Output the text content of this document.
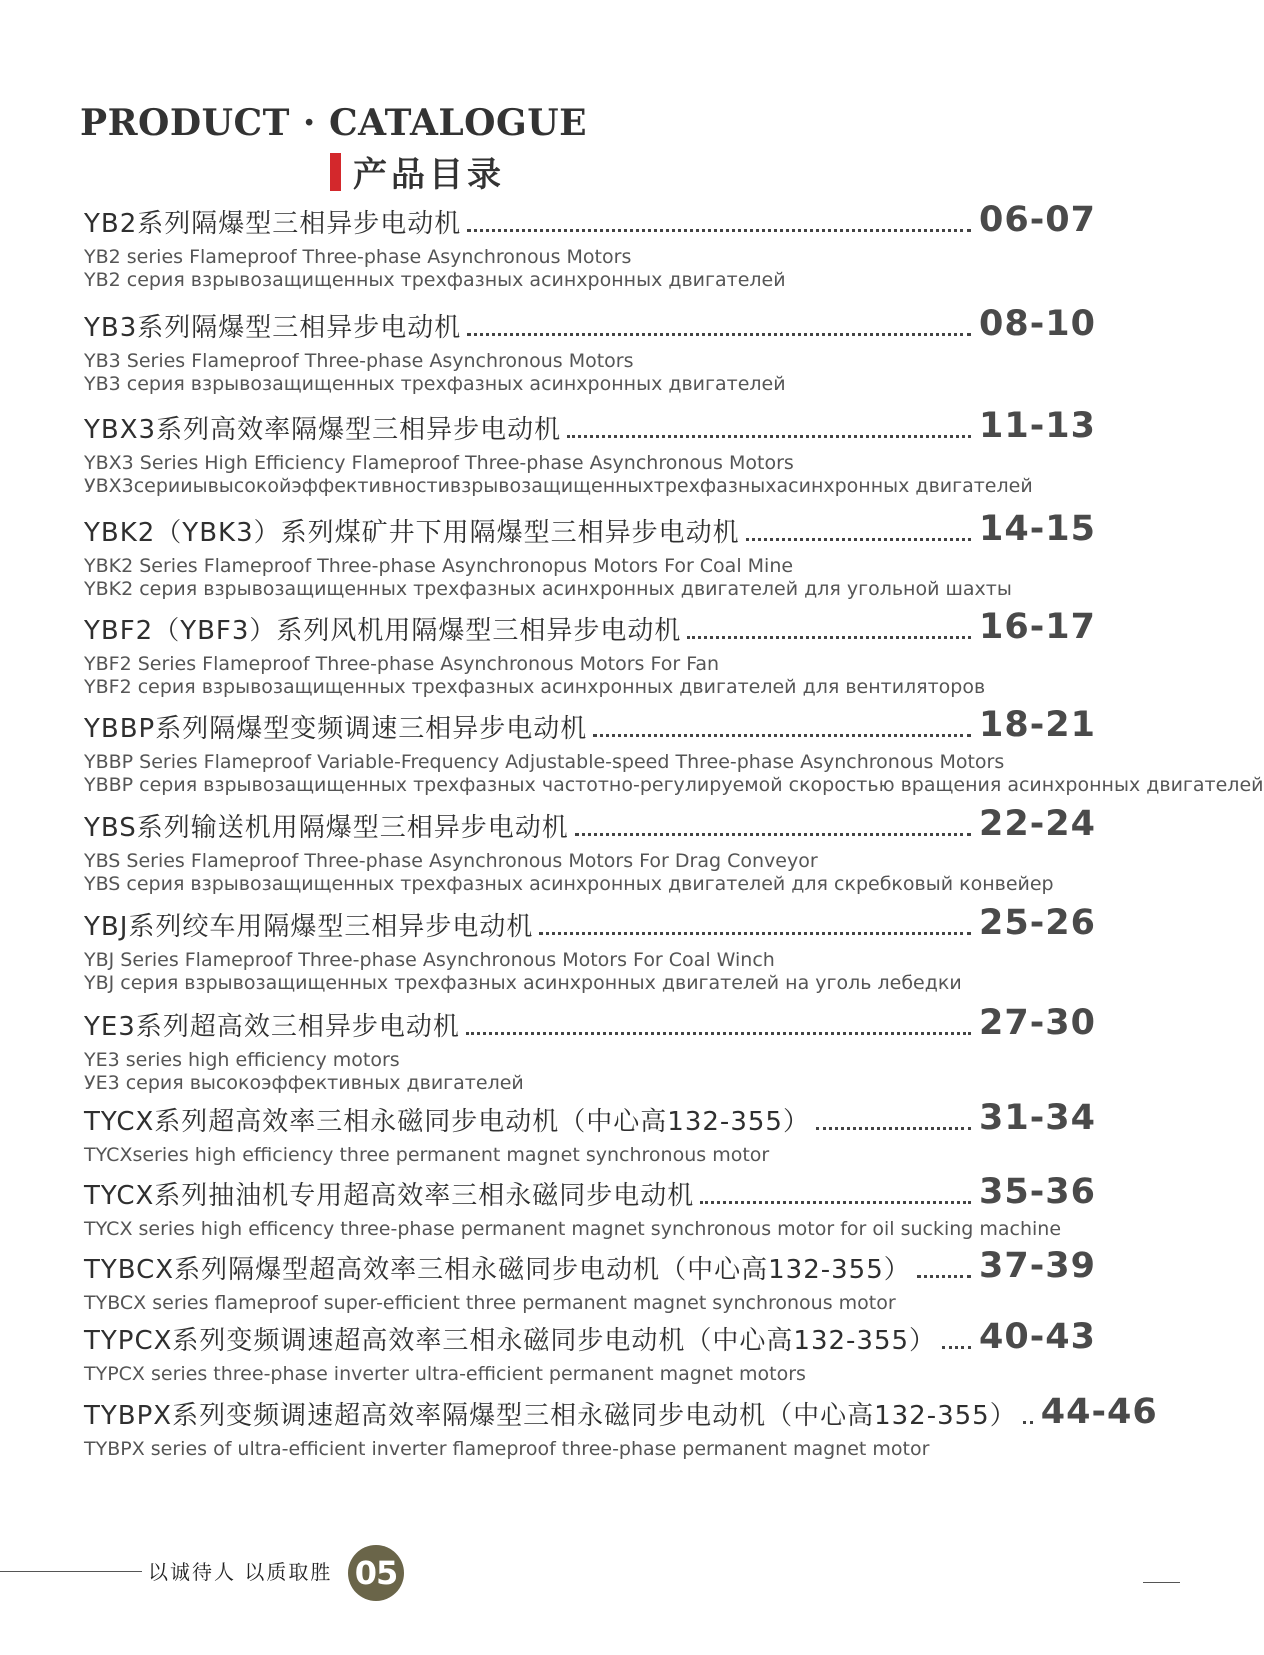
PRODUCT · CATALOGUE
产品目录
YB2系列隔爆型三相异步电动机	06-07
YB2 series Flameproof Three-phase Asynchronous Motors
YB2 серия взрывозащищенных трехфазных асинхронных двигателей
YB3系列隔爆型三相异步电动机	08-10
YB3 Series Flameproof Three-phase Asynchronous Motors
YB3 серия взрывозащищенных трехфазных асинхронных двигателей
YBX3系列高效率隔爆型三相异步电动机	11-13
YBX3 Series High Efficiency Flameproof Three-phase Asynchronous Motors
УВХ3серииывысокойэффективностивзрывозащищенныхтрехфазныхасинхронных двигателей
YBK2（YBK3）系列煤矿井下用隔爆型三相异步电动机	14-15
YBK2 Series Flameproof Three-phase Asynchronopus Motors For Coal Mine
YBK2 серия взрывозащищенных трехфазных асинхронных двигателей для угольной шахты
YBF2（YBF3）系列风机用隔爆型三相异步电动机	16-17
YBF2 Series Flameproof Three-phase Asynchronous Motors For Fan
YBF2 серия взрывозащищенных трехфазных асинхронных двигателей для вентиляторов
YBBP系列隔爆型变频调速三相异步电动机	18-21
YBBP Series Flameproof Variable-Frequency Adjustable-speed Three-phase Asynchronous Motors
YBBP серия взрывозащищенных трехфазных частотно-регулируемой скоростью вращения асинхронных двигателей
YBS系列输送机用隔爆型三相异步电动机	22-24
YBS Series Flameproof Three-phase Asynchronous Motors For Drag Conveyor
YBS серия взрывозащищенных трехфазных асинхронных двигателей для скребковый конвейер
YBJ系列绞车用隔爆型三相异步电动机	25-26
YBJ Series Flameproof Three-phase Asynchronous Motors For Coal Winch
YBJ серия взрывозащищенных трехфазных асинхронных двигателей на уголь лебедки
YE3系列超高效三相异步电动机	27-30
YE3 series high efficiency motors
УЕ3 серия высокоэффективных двигателей
TYCX系列超高效率三相永磁同步电动机（中心高132-355）	31-34
TYCXseries high efficiency three permanent magnet synchronous motor
TYCX系列抽油机专用超高效率三相永磁同步电动机	35-36
TYCX series high efficency three-phase permanent magnet synchronous motor for oil sucking machine
TYBCX系列隔爆型超高效率三相永磁同步电动机（中心高132-355） 37-39
TYBCX series flameproof super-efficient three permanent magnet synchronous motor
TYPCX系列变频调速超高效率三相永磁同步电动机（中心高132-355） 40-43
TYPCX series three-phase inverter ultra-efficient permanent magnet motors
TYBPX系列变频调速超高效率隔爆型三相永磁同步电动机（中心高132-355） 44-46
TYBPX series of ultra-efficient inverter flameproof three-phase permanent magnet motor
以诚待人 以质取胜 05
